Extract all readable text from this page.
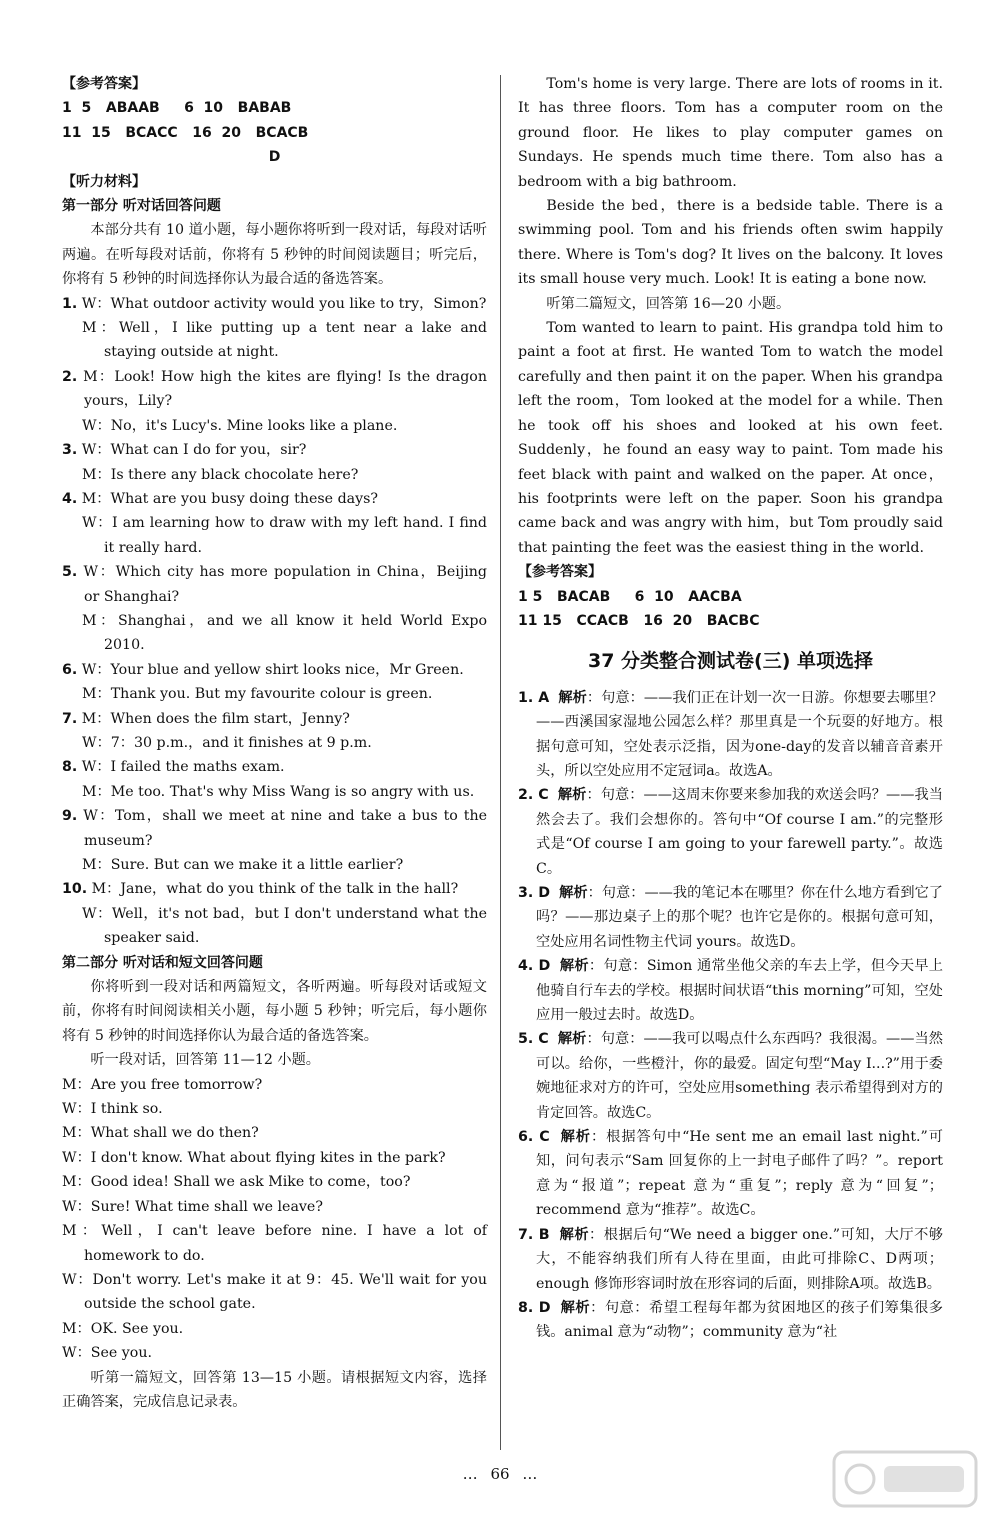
【参考答案】
1  5   ABAAB     6  10   BABAB
11  15   BCACC   16  20   BCACB
D
【听力材料】
第一部分 听对话回答问题
本部分共有 10 道小题，每小题你将听到一段对话，每段对话听两遍。在听每段对话前，你将有 5 秒钟的时间阅读题目；听完后，你将有 5 秒钟的时间选择你认为最合适的备选答案。
1. W：What outdoor activity would you like to try，Simon?
M：Well，I like putting up a tent near a lake and staying outside at night.
2. M：Look! How high the kites are flying! Is the dragon yours，Lily?
W：No，it's Lucy's. Mine looks like a plane.
3. W：What can I do for you，sir?
M：Is there any black chocolate here?
4. M：What are you busy doing these days?
W：I am learning how to draw with my left hand. I find it really hard.
5. W：Which city has more population in China，Beijing or Shanghai?
M：Shanghai，and we all know it held World Expo 2010.
6. W：Your blue and yellow shirt looks nice，Mr Green.
M：Thank you. But my favourite colour is green.
7. M：When does the film start，Jenny?
W：7：30 p.m.，and it finishes at 9 p.m.
8. W：I failed the maths exam.
M：Me too. That's why Miss Wang is so angry with us.
9. W：Tom，shall we meet at nine and take a bus to the museum?
M：Sure. But can we make it a little earlier?
10. M：Jane，what do you think of the talk in the hall?
W：Well，it's not bad，but I don't understand what the speaker said.
第二部分 听对话和短文回答问题
你将听到一段对话和两篇短文，各听两遍。听每段对话或短文前，你将有时间阅读相关小题，每小题 5 秒钟；听完后，每小题你将有 5 秒钟的时间选择你认为最合适的备选答案。
听一段对话，回答第 11—12 小题。
M：Are you free tomorrow?
W：I think so.
M：What shall we do then?
W：I don't know. What about flying kites in the park?
M：Good idea! Shall we ask Mike to come，too?
W：Sure! What time shall we leave?
M：Well，I can't leave before nine. I have a lot of homework to do.
W：Don't worry. Let's make it at 9：45. We'll wait for you outside the school gate.
M：OK. See you.
W：See you.
听第一篇短文，回答第 13—15 小题。请根据短文内容，选择正确答案，完成信息记录表。
Tom's home is very large. There are lots of rooms in it. It has three floors. Tom has a computer room on the ground floor. He likes to play computer games on Sundays. He spends much time there. Tom also has a bedroom with a big bathroom.
Beside the bed，there is a bedside table. There is a swimming pool. Tom and his friends often swim happily there. Where is Tom's dog? It lives on the balcony. It loves its small house very much. Look! It is eating a bone now.
听第二篇短文，回答第 16—20 小题。
Tom wanted to learn to paint. His grandpa told him to paint a foot at first. He wanted Tom to watch the model carefully and then paint it on the paper. When his grandpa left the room，Tom looked at the model for a while. Then he took off his shoes and looked at his own feet. Suddenly，he found an easy way to paint. Tom made his feet black with paint and walked on the paper. At once，his footprints were left on the paper. Soon his grandpa came back and was angry with him，but Tom proudly said that painting the feet was the easiest thing in the world.
【参考答案】
1 5   BACAB     6  10   AACBA
11 15   CCACB   16  20   BACBC
37 分类整合测试卷(三) 单项选择
1. A 解析：句意：——我们正在计划一次一日游。你想要去哪里？——西溪国家湿地公园怎么样？那里真是一个玩耍的好地方。根据句意可知，空处表示泛指，因为one-day的发音以辅音音素开头，所以空处应用不定冠词a。故选A。
2. C 解析：句意：——这周末你要来参加我的欢送会吗？——我当然会去了。我们会想你的。答句中“Of course I am.”的完整形式是“Of course I am going to your farewell party.”。故选C。
3. D 解析：句意：——我的笔记本在哪里？你在什么地方看到它了吗？——那边桌子上的那个呢？也许它是你的。根据句意可知，空处应用名词性物主代词 yours。故选D。
4. D 解析：句意：Simon 通常坐他父亲的车去上学，但今天早上他骑自行车去的学校。根据时间状语“this morning”可知，空处应用一般过去时。故选D。
5. C 解析：句意：——我可以喝点什么东西吗？我很渴。——当然可以。给你，一些橙汁，你的最爱。固定句型“May I...?”用于委婉地征求对方的许可，空处应用something 表示希望得到对方的肯定回答。故选C。
6. C 解析：根据答句中“He sent me an email last night.”可知，问句表示“Sam 回复你的上一封电子邮件了吗？”。report 意为“报道”；repeat 意为“重复”；reply 意为“回复”；recommend 意为“推荐”。故选C。
7. B 解析：根据后句“We need a bigger one.”可知，大厅不够大，不能容纳我们所有人待在里面，由此可排除C、D两项；enough 修饰形容词时放在形容词的后面，则排除A项。故选B。
8. D 解析：句意：希望工程每年都为贫困地区的孩子们筹集很多钱。animal 意为“动物”；community 意为“社
… 66 …
